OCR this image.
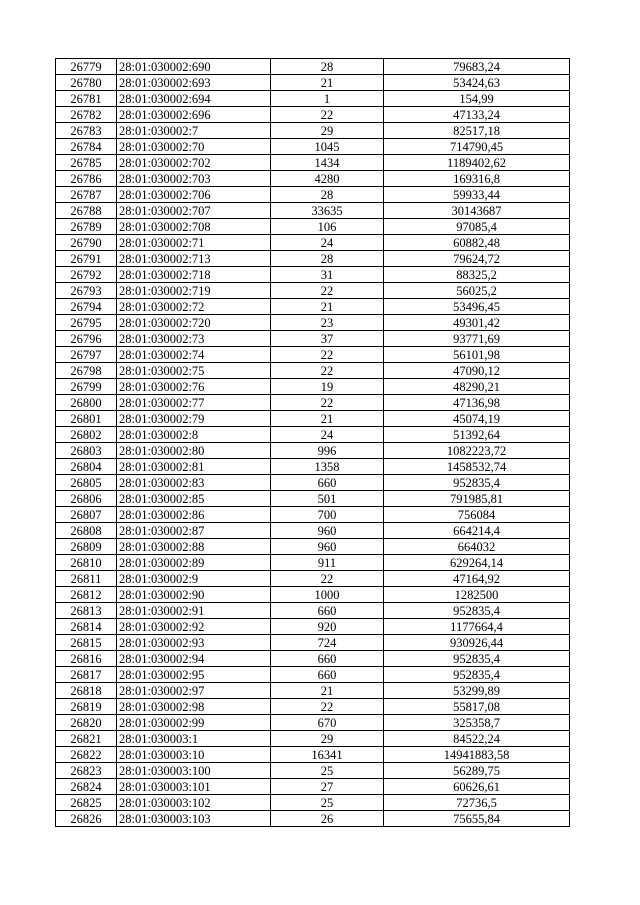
26779	28:01:030002:690	28	79683,24
26780	28:01:030002:693	21	53424,63
26781	28:01:030002:694	1	154,99
26782	28:01:030002:696	22	47133,24
26783	28:01:030002:7	29	82517,18
26784	28:01:030002:70	1045	714790,45
26785	28:01:030002:702	1434	1189402,62
26786	28:01:030002:703	4280	169316,8
26787	28:01:030002:706	28	59933,44
26788	28:01:030002:707	33635	30143687
26789	28:01:030002:708	106	97085,4
26790	28:01:030002:71	24	60882,48
26791	28:01:030002:713	28	79624,72
26792	28:01:030002:718	31	88325,2
26793	28:01:030002:719	22	56025,2
26794	28:01:030002:72	21	53496,45
26795	28:01:030002:720	23	49301,42
26796	28:01:030002:73	37	93771,69
26797	28:01:030002:74	22	56101,98
26798	28:01:030002:75	22	47090,12
26799	28:01:030002:76	19	48290,21
26800	28:01:030002:77	22	47136,98
26801	28:01:030002:79	21	45074,19
26802	28:01:030002:8	24	51392,64
26803	28:01:030002:80	996	1082223,72
26804	28:01:030002:81	1358	1458532,74
26805	28:01:030002:83	660	952835,4
26806	28:01:030002:85	501	791985,81
26807	28:01:030002:86	700	756084
26808	28:01:030002:87	960	664214,4
26809	28:01:030002:88	960	664032
26810	28:01:030002:89	911	629264,14
26811	28:01:030002:9	22	47164,92
26812	28:01:030002:90	1000	1282500
26813	28:01:030002:91	660	952835,4
26814	28:01:030002:92	920	1177664,4
26815	28:01:030002:93	724	930926,44
26816	28:01:030002:94	660	952835,4
26817	28:01:030002:95	660	952835,4
26818	28:01:030002:97	21	53299,89
26819	28:01:030002:98	22	55817,08
26820	28:01:030002:99	670	325358,7
26821	28:01:030003:1	29	84522,24
26822	28:01:030003:10	16341	14941883,58
26823	28:01:030003:100	25	56289,75
26824	28:01:030003:101	27	60626,61
26825	28:01:030003:102	25	72736,5
26826	28:01:030003:103	26	75655,84
